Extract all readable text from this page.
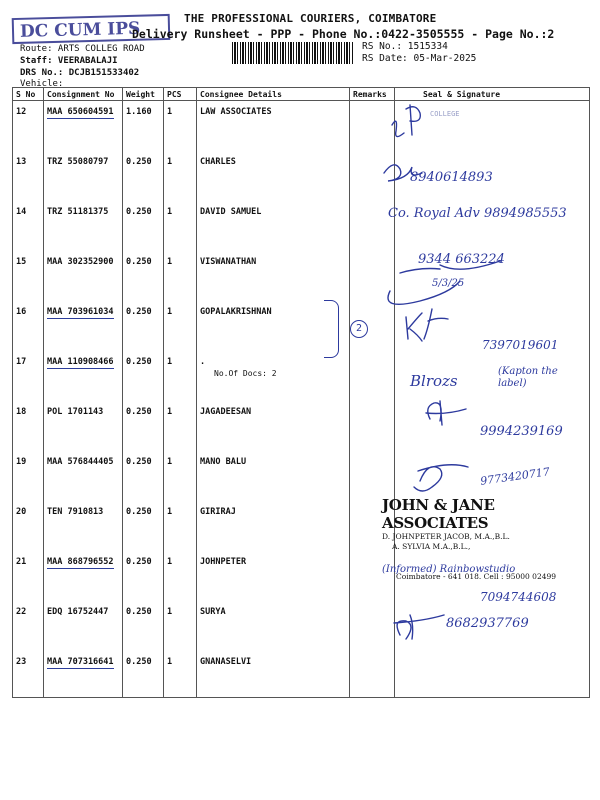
DC CUM IPS
THE PROFESSIONAL COURIERS, COIMBATORE
Delivery Runsheet - PPP - Phone No.:0422-3505555 - Page No.:2
Route: ARTS COLLEG ROAD
Staff: VEERABALAJI
DRS No.: DCJB151533402
Vehicle:
RS No.: 1515334
RS Date: 05-Mar-2025
S No	Consignment No	Weight	PCS	Consignee Details	Remarks	Seal & Signature
12	MAA 650604591	1.160	1	LAW ASSOCIATES		
13	TRZ 55080797	0.250	1	CHARLES		
14	TRZ 51181375	0.250	1	DAVID SAMUEL		
15	MAA 302352900	0.250	1	VISWANATHAN		
16	MAA 703961034	0.250	1	GOPALAKRISHNAN		
17	MAA 110908466	0.250	1	.
No.Of Docs: 2		

18	POL 1701143	0.250	1	JAGADEESAN		
19	MAA 576844405	0.250	1	MANO BALU		
20	TEN 7910813	0.250	1	GIRIRAJ		
21	MAA 868796552	0.250	1	JOHNPETER		
22	EDQ 16752447	0.250	1	SURYA		
23	MAA 707316641	0.250	1	GNANASELVI		
COLLEGE
8940614893
Co. Royal Adv 9894985553
9344 663224
5/3/25
2
7397019601
(Kapton the label)
Blrozs
9994239169
9773420717
JOHN & JANE ASSOCIATES
D. JOHNPETER JACOB, M.A.,B.L.
A. SYLVIA M.A.,B.L.,
Coimbatore - 641 018. Cell : 95000 02499
(Informed) Rainbowstudio
7094744608
8682937769
